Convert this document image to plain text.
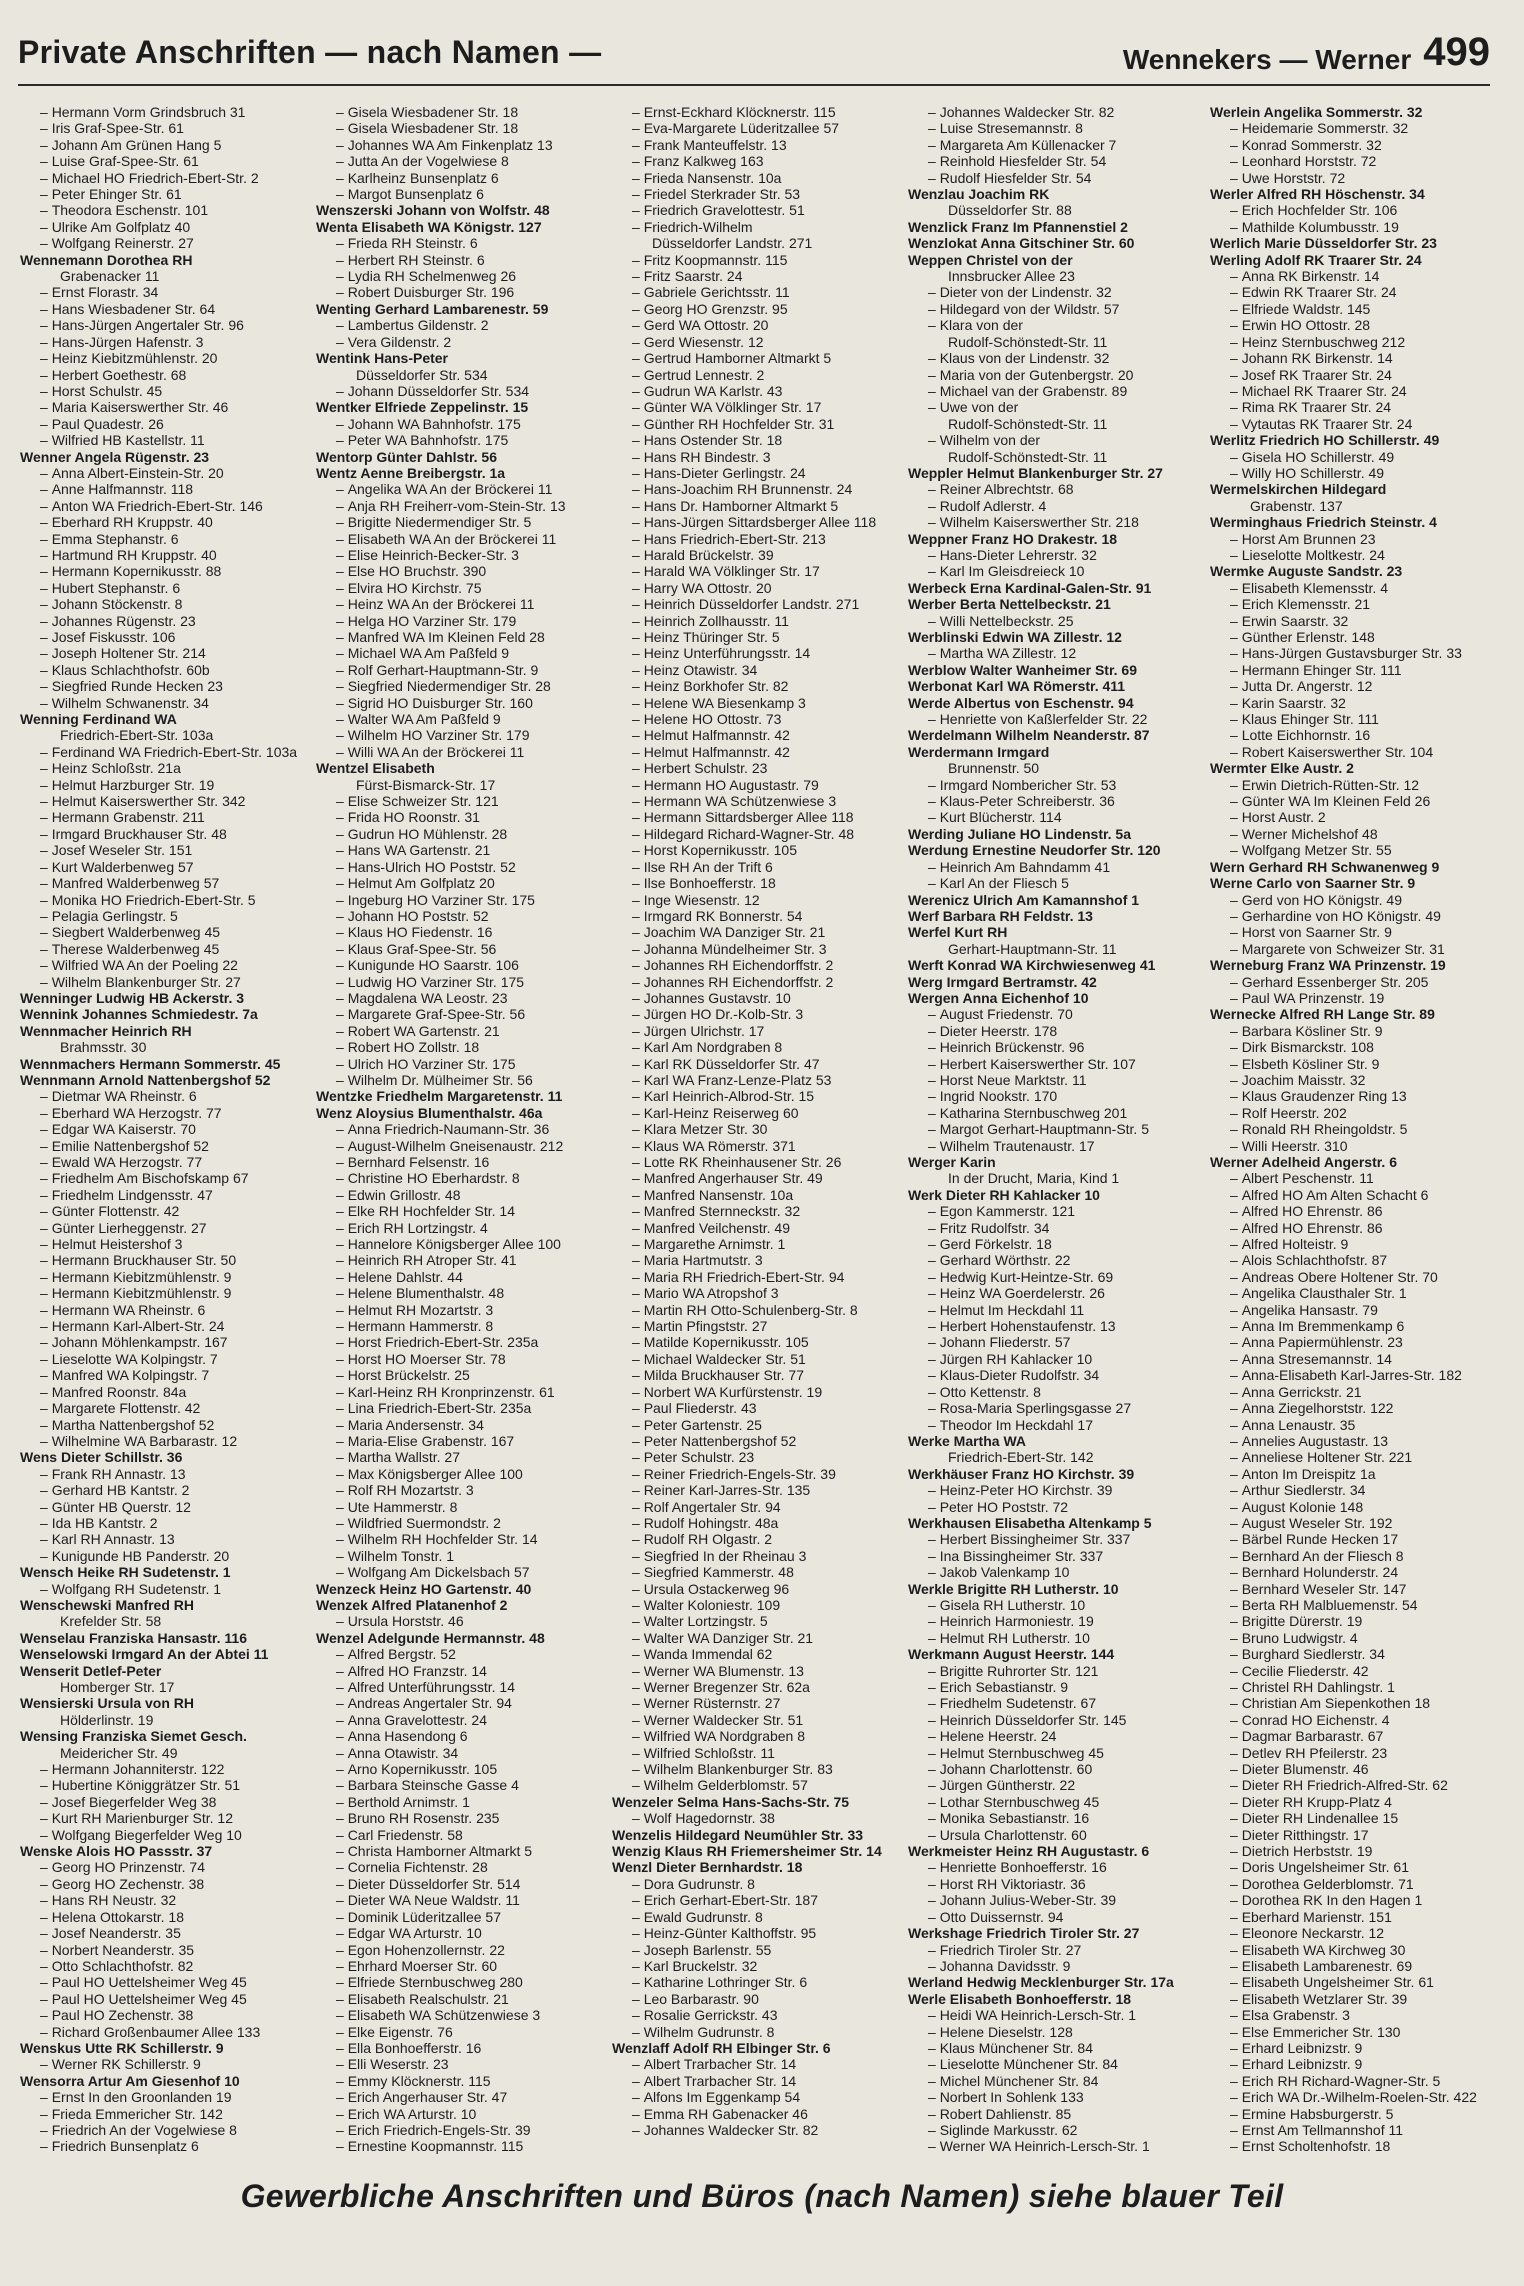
Private Anschriften — nach Namen —	Wennekers — Werner 499
– Hermann Vorm Grindsbruch 31
– Iris Graf-Spee-Str. 61
– Johann Am Grünen Hang 5
– Luise Graf-Spee-Str. 61
– Michael HO Friedrich-Ebert-Str. 2
– Peter Ehinger Str. 61
– Theodora Eschenstr. 101
– Ulrike Am Golfplatz 40
– Wolfgang Reinerstr. 27
Wennemann Dorothea RH
Grabenacker 11
– Ernst Florastr. 34
– Hans Wiesbadener Str. 64
– Hans-Jürgen Angertaler Str. 96
– Hans-Jürgen Hafenstr. 3
– Heinz Kiebitzmühlenstr. 20
– Herbert Goethestr. 68
– Horst Schulstr. 45
– Maria Kaiserswerther Str. 46
– Paul Quadestr. 26
– Wilfried HB Kastellstr. 11
Wenner Angela Rügenstr. 23
– Anna Albert-Einstein-Str. 20
– Anne Halfmannstr. 118
– Anton WA Friedrich-Ebert-Str. 146
– Eberhard RH Kruppstr. 40
– Emma Stephanstr. 6
– Hartmund RH Kruppstr. 40
– Hermann Kopernikusstr. 88
– Hubert Stephanstr. 6
– Johann Stöckenstr. 8
– Johannes Rügenstr. 23
– Josef Fiskusstr. 106
– Joseph Holtener Str. 214
– Klaus Schlachthofstr. 60b
– Siegfried Runde Hecken 23
– Wilhelm Schwanenstr. 34
Wenning Ferdinand WA
Friedrich-Ebert-Str. 103a
– Ferdinand WA Friedrich-Ebert-Str. 103a
– Heinz Schloßstr. 21a
– Helmut Harzburger Str. 19
– Helmut Kaiserswerther Str. 342
– Hermann Grabenstr. 211
– Irmgard Bruckhauser Str. 48
– Josef Weseler Str. 151
– Kurt Walderbenweg 57
– Manfred Walderbenweg 57
– Monika HO Friedrich-Ebert-Str. 5
– Pelagia Gerlingstr. 5
– Siegbert Walderbenweg 45
– Therese Walderbenweg 45
– Wilfried WA An der Poeling 22
– Wilhelm Blankenburger Str. 27
Wenninger Ludwig HB Ackerstr. 3
Wennink Johannes Schmiedestr. 7a
Wennmacher Heinrich RH
Brahmsstr. 30
Wennmachers Hermann Sommerstr. 45
Wennmann Arnold Nattenbergshof 52
– Dietmar WA Rheinstr. 6
– Eberhard WA Herzogstr. 77
– Edgar WA Kaiserstr. 70
– Emilie Nattenbergshof 52
– Ewald WA Herzogstr. 77
– Friedhelm Am Bischofskamp 67
– Friedhelm Lindgensstr. 47
– Günter Flottenstr. 42
– Günter Lierheggenstr. 27
– Helmut Heistershof 3
– Hermann Bruckhauser Str. 50
– Hermann Kiebitzmühlenstr. 9
– Hermann Kiebitzmühlenstr. 9
– Hermann WA Rheinstr. 6
– Hermann Karl-Albert-Str. 24
– Johann Möhlenkampstr. 167
– Lieselotte WA Kolpingstr. 7
– Manfred WA Kolpingstr. 7
– Manfred Roonstr. 84a
– Margarete Flottenstr. 42
– Martha Nattenbergshof 52
– Wilhelmine WA Barbarastr. 12
Wens Dieter Schillstr. 36
– Frank RH Annastr. 13
– Gerhard HB Kantstr. 2
– Günter HB Querstr. 12
– Ida HB Kantstr. 2
– Karl RH Annastr. 13
– Kunigunde HB Panderstr. 20
Wensch Heike RH Sudetenstr. 1
– Wolfgang RH Sudetenstr. 1
Wenschewski Manfred RH
Krefelder Str. 58
Wenselau Franziska Hansastr. 116
Wenselowski Irmgard An der Abtei 11
Wenserit Detlef-Peter
Homberger Str. 17
Wensierski Ursula von RH
Hölderlinstr. 19
Wensing Franziska Siemet Gesch.
Meidericher Str. 49
– Hermann Johanniterstr. 122
– Hubertine Königgrätzer Str. 51
– Josef Biegerfelder Weg 38
– Kurt RH Marienburger Str. 12
– Wolfgang Biegerfelder Weg 10
Wenske Alois HO Passstr. 37
– Georg HO Prinzenstr. 74
– Georg HO Zechenstr. 38
– Hans RH Neustr. 32
– Helena Ottokarstr. 18
– Josef Neanderstr. 35
– Norbert Neanderstr. 35
– Otto Schlachthofstr. 82
– Paul HO Uettelsheimer Weg 45
– Paul HO Uettelsheimer Weg 45
– Paul HO Zechenstr. 38
– Richard Großenbaumer Allee 133
Wenskus Utte RK Schillerstr. 9
– Werner RK Schillerstr. 9
Wensorra Artur Am Giesenhof 10
– Ernst In den Groonlanden 19
– Frieda Emmericher Str. 142
– Friedrich An der Vogelwiese 8
– Friedrich Bunsenplatz 6
– Gisela Wiesbadener Str. 18
– Gisela Wiesbadener Str. 18
– Johannes WA Am Finkenplatz 13
– Jutta An der Vogelwiese 8
– Karlheinz Bunsenplatz 6
– Margot Bunsenplatz 6
Wenszerski Johann von Wolfstr. 48
Wenta Elisabeth WA Königstr. 127
– Frieda RH Steinstr. 6
– Herbert RH Steinstr. 6
– Lydia RH Schelmenweg 26
– Robert Duisburger Str. 196
Wenting Gerhard Lambarenestr. 59
– Lambertus Gildenstr. 2
– Vera Gildenstr. 2
Wentink Hans-Peter
Düsseldorfer Str. 534
– Johann Düsseldorfer Str. 534
Wentker Elfriede Zeppelinstr. 15
– Johann WA Bahnhofstr. 175
– Peter WA Bahnhofstr. 175
Wentorp Günter Dahlstr. 56
Wentz Aenne Breibergstr. 1a
– Angelika WA An der Bröckerei 11
– Anja RH Freiherr-vom-Stein-Str. 13
– Brigitte Niedermendiger Str. 5
– Elisabeth WA An der Bröckerei 11
– Elise Heinrich-Becker-Str. 3
– Else HO Bruchstr. 390
– Elvira HO Kirchstr. 75
– Heinz WA An der Bröckerei 11
– Helga HO Varziner Str. 179
– Manfred WA Im Kleinen Feld 28
– Michael WA Am Paßfeld 9
– Rolf Gerhart-Hauptmann-Str. 9
– Siegfried Niedermendiger Str. 28
– Sigrid HO Duisburger Str. 160
– Walter WA Am Paßfeld 9
– Wilhelm HO Varziner Str. 179
– Willi WA An der Bröckerei 11
Wentzel Elisabeth
Fürst-Bismarck-Str. 17
– Elise Schweizer Str. 121
– Frida HO Roonstr. 31
– Gudrun HO Mühlenstr. 28
– Hans WA Gartenstr. 21
– Hans-Ulrich HO Poststr. 52
– Helmut Am Golfplatz 20
– Ingeburg HO Varziner Str. 175
– Johann HO Poststr. 52
– Klaus HO Fiedenstr. 16
– Klaus Graf-Spee-Str. 56
– Kunigunde HO Saarstr. 106
– Ludwig HO Varziner Str. 175
– Magdalena WA Leostr. 23
– Margarete Graf-Spee-Str. 56
– Robert WA Gartenstr. 21
– Robert HO Zollstr. 18
– Ulrich HO Varziner Str. 175
– Wilhelm Dr. Mülheimer Str. 56
Wentzke Friedhelm Margaretenstr. 11
Wenz Aloysius Blumenthalstr. 46a
– Anna Friedrich-Naumann-Str. 36
– August-Wilhelm Gneisenaustr. 212
– Bernhard Felsenstr. 16
– Christine HO Eberhardstr. 8
– Edwin Grillostr. 48
– Elke RH Hochfelder Str. 14
– Erich RH Lortzingstr. 4
– Hannelore Königsberger Allee 100
– Heinrich RH Atroper Str. 41
– Helene Dahlstr. 44
– Helene Blumenthalstr. 48
– Helmut RH Mozartstr. 3
– Hermann Hammerstr. 8
– Horst Friedrich-Ebert-Str. 235a
– Horst HO Moerser Str. 78
– Horst Brückelstr. 25
– Karl-Heinz RH Kronprinzenstr. 61
– Lina Friedrich-Ebert-Str. 235a
– Maria Andersenstr. 34
– Maria-Elise Grabenstr. 167
– Martha Wallstr. 27
– Max Königsberger Allee 100
– Rolf RH Mozartstr. 3
– Ute Hammerstr. 8
– Wildfried Suermondstr. 2
– Wilhelm RH Hochfelder Str. 14
– Wilhelm Tonstr. 1
– Wolfgang Am Dickelsbach 57
Wenzeck Heinz HO Gartenstr. 40
Wenzek Alfred Platanenhof 2
– Ursula Horststr. 46
Wenzel Adelgunde Hermannstr. 48
– Alfred Bergstr. 52
– Alfred HO Franzstr. 14
– Alfred Unterführungsstr. 14
– Andreas Angertaler Str. 94
– Anna Gravelottestr. 24
– Anna Hasendong 6
– Anna Otawistr. 34
– Arno Kopernikusstr. 105
– Barbara Steinsche Gasse 4
– Berthold Arnimstr. 1
– Bruno RH Rosenstr. 235
– Carl Friedenstr. 58
– Christa Hamborner Altmarkt 5
– Cornelia Fichtenstr. 28
– Dieter Düsseldorfer Str. 514
– Dieter WA Neue Waldstr. 11
– Dominik Lüderitzallee 57
– Edgar WA Arturstr. 10
– Egon Hohenzollernstr. 22
– Ehrhard Moerser Str. 60
– Elfriede Sternbuschweg 280
– Elisabeth Realschulstr. 21
– Elisabeth WA Schützenwiese 3
– Elke Eigenstr. 76
– Ella Bonhoefferstr. 16
– Elli Weserstr. 23
– Emmy Klöcknerstr. 115
– Erich Angerhauser Str. 47
– Erich WA Arturstr. 10
– Erich Friedrich-Engels-Str. 39
– Ernestine Koopmannstr. 115
– Ernst-Eckhard Klöcknerstr. 115
– Eva-Margarete Lüderitzallee 57
– Frank Manteuffelstr. 13
– Franz Kalkweg 163
– Frieda Nansenstr. 10a
– Friedel Sterkrader Str. 53
– Friedrich Gravelottestr. 51
– Friedrich-Wilhelm
Düsseldorfer Landstr. 271
– Fritz Koopmannstr. 115
– Fritz Saarstr. 24
– Gabriele Gerichtsstr. 11
– Georg HO Grenzstr. 95
– Gerd WA Ottostr. 20
– Gerd Wiesenstr. 12
– Gertrud Hamborner Altmarkt 5
– Gertrud Lennestr. 2
– Gudrun WA Karlstr. 43
– Günter WA Völklinger Str. 17
– Günther RH Hochfelder Str. 31
– Hans Ostender Str. 18
– Hans RH Bindestr. 3
– Hans-Dieter Gerlingstr. 24
– Hans-Joachim RH Brunnenstr. 24
– Hans Dr. Hamborner Altmarkt 5
– Hans-Jürgen Sittardsberger Allee 118
– Hans Friedrich-Ebert-Str. 213
– Harald Brückelstr. 39
– Harald WA Völklinger Str. 17
– Harry WA Ottostr. 20
– Heinrich Düsseldorfer Landstr. 271
– Heinrich Zollhausstr. 11
– Heinz Thüringer Str. 5
– Heinz Unterführungsstr. 14
– Heinz Otawistr. 34
– Heinz Borkhofer Str. 82
– Helene WA Biesenkamp 3
– Helene HO Ottostr. 73
– Helmut Halfmannstr. 42
– Helmut Halfmannstr. 42
– Herbert Schulstr. 23
– Hermann HO Augustastr. 79
– Hermann WA Schützenwiese 3
– Hermann Sittardsberger Allee 118
– Hildegard Richard-Wagner-Str. 48
– Horst Kopernikusstr. 105
– Ilse RH An der Trift 6
– Ilse Bonhoefferstr. 18
– Inge Wiesenstr. 12
– Irmgard RK Bonnerstr. 54
– Joachim WA Danziger Str. 21
– Johanna Mündelheimer Str. 3
– Johannes RH Eichendorffstr. 2
– Johannes RH Eichendorffstr. 2
– Johannes Gustavstr. 10
– Jürgen HO Dr.-Kolb-Str. 3
– Jürgen Ulrichstr. 17
– Karl Am Nordgraben 8
– Karl RK Düsseldorfer Str. 47
– Karl WA Franz-Lenze-Platz 53
– Karl Heinrich-Albrod-Str. 15
– Karl-Heinz Reiserweg 60
– Klara Metzer Str. 30
– Klaus WA Römerstr. 371
– Lotte RK Rheinhausener Str. 26
– Manfred Angerhauser Str. 49
– Manfred Nansenstr. 10a
– Manfred Sternneckstr. 32
– Manfred Veilchenstr. 49
– Margarethe Arnimstr. 1
– Maria Hartmutstr. 3
– Maria RH Friedrich-Ebert-Str. 94
– Mario WA Atropshof 3
– Martin RH Otto-Schulenberg-Str. 8
– Martin Pfingststr. 27
– Matilde Kopernikusstr. 105
– Michael Waldecker Str. 51
– Milda Bruckhauser Str. 77
– Norbert WA Kurfürstenstr. 19
– Paul Fliederstr. 43
– Peter Gartenstr. 25
– Peter Nattenbergshof 52
– Peter Schulstr. 23
– Reiner Friedrich-Engels-Str. 39
– Reiner Karl-Jarres-Str. 135
– Rolf Angertaler Str. 94
– Rudolf Hohingstr. 48a
– Rudolf RH Olgastr. 2
– Siegfried In der Rheinau 3
– Siegfried Kammerstr. 48
– Ursula Ostackerweg 96
– Walter Koloniestr. 109
– Walter Lortzingstr. 5
– Walter WA Danziger Str. 21
– Wanda Immendal 62
– Werner WA Blumenstr. 13
– Werner Bregenzer Str. 62a
– Werner Rüsternstr. 27
– Werner Waldecker Str. 51
– Wilfried WA Nordgraben 8
– Wilfried Schloßstr. 11
– Wilhelm Blankenburger Str. 83
– Wilhelm Gelderblomstr. 57
Wenzeler Selma Hans-Sachs-Str. 75
– Wolf Hagedornstr. 38
Wenzelis Hildegard Neumühler Str. 33
Wenzig Klaus RH Friemersheimer Str. 14
Wenzl Dieter Bernhardstr. 18
– Dora Gudrunstr. 8
– Erich Gerhart-Ebert-Str. 187
– Ewald Gudrunstr. 8
– Heinz-Günter Kalthoffstr. 95
– Joseph Barlenstr. 55
– Karl Bruckelstr. 32
– Katharine Lothringer Str. 6
– Leo Barbarastr. 90
– Rosalie Gerrickstr. 43
– Wilhelm Gudrunstr. 8
Wenzlaff Adolf RH Elbinger Str. 6
– Albert Trarbacher Str. 14
– Albert Trarbacher Str. 14
– Alfons Im Eggenkamp 54
– Emma RH Gabenacker 46
– Johannes Waldecker Str. 82
– Johannes Waldecker Str. 82
– Luise Stresemannstr. 8
– Margareta Am Küllenacker 7
– Reinhold Hiesfelder Str. 54
– Rudolf Hiesfelder Str. 54
Wenzlau Joachim RK
Düsseldorfer Str. 88
Wenzlick Franz Im Pfannenstiel 2
Wenzlokat Anna Gitschiner Str. 60
Weppen Christel von der
Innsbrucker Allee 23
– Dieter von der Lindenstr. 32
– Hildegard von der Wildstr. 57
– Klara von der
Rudolf-Schönstedt-Str. 11
– Klaus von der Lindenstr. 32
– Maria von der Gutenbergstr. 20
– Michael van der Grabenstr. 89
– Uwe von der
Rudolf-Schönstedt-Str. 11
– Wilhelm von der
Rudolf-Schönstedt-Str. 11
Weppler Helmut Blankenburger Str. 27
– Reiner Albrechtstr. 68
– Rudolf Adlerstr. 4
– Wilhelm Kaiserswerther Str. 218
Weppner Franz HO Drakestr. 18
– Hans-Dieter Lehrerstr. 32
– Karl Im Gleisdreieck 10
Werbeck Erna Kardinal-Galen-Str. 91
Werber Berta Nettelbeckstr. 21
– Willi Nettelbeckstr. 25
Werblinski Edwin WA Zillestr. 12
– Martha WA Zillestr. 12
Werblow Walter Wanheimer Str. 69
Werbonat Karl WA Römerstr. 411
Werde Albertus von Eschenstr. 94
– Henriette von Kaßlerfelder Str. 22
Werdelmann Wilhelm Neanderstr. 87
Werdermann Irmgard
Brunnenstr. 50
– Irmgard Nombericher Str. 53
– Klaus-Peter Schreiberstr. 36
– Kurt Blücherstr. 114
Werding Juliane HO Lindenstr. 5a
Werdung Ernestine Neudorfer Str. 120
– Heinrich Am Bahndamm 41
– Karl An der Fliesch 5
Werenicz Ulrich Am Kamannshof 1
Werf Barbara RH Feldstr. 13
Werfel Kurt RH
Gerhart-Hauptmann-Str. 11
Werft Konrad WA Kirchwiesenweg 41
Werg Irmgard Bertramstr. 42
Wergen Anna Eichenhof 10
– August Friedenstr. 70
– Dieter Heerstr. 178
– Heinrich Brückenstr. 96
– Herbert Kaiserswerther Str. 107
– Horst Neue Marktstr. 11
– Ingrid Nookstr. 170
– Katharina Sternbuschweg 201
– Margot Gerhart-Hauptmann-Str. 5
– Wilhelm Trautenaustr. 17
Werger Karin
In der Drucht, Maria, Kind 1
Werk Dieter RH Kahlacker 10
– Egon Kammerstr. 121
– Fritz Rudolfstr. 34
– Gerd Förkelstr. 18
– Gerhard Wörthstr. 22
– Hedwig Kurt-Heintze-Str. 69
– Heinz WA Goerdelerstr. 26
– Helmut Im Heckdahl 11
– Herbert Hohenstaufenstr. 13
– Johann Fliederstr. 57
– Jürgen RH Kahlacker 10
– Klaus-Dieter Rudolfstr. 34
– Otto Kettenstr. 8
– Rosa-Maria Sperlingsgasse 27
– Theodor Im Heckdahl 17
Werke Martha WA
Friedrich-Ebert-Str. 142
Werkhäuser Franz HO Kirchstr. 39
– Heinz-Peter HO Kirchstr. 39
– Peter HO Poststr. 72
Werkhausen Elisabetha Altenkamp 5
– Herbert Bissingheimer Str. 337
– Ina Bissingheimer Str. 337
– Jakob Valenkamp 10
Werkle Brigitte RH Lutherstr. 10
– Gisela RH Lutherstr. 10
– Heinrich Harmoniestr. 19
– Helmut RH Lutherstr. 10
Werkmann August Heerstr. 144
– Brigitte Ruhrorter Str. 121
– Erich Sebastianstr. 9
– Friedhelm Sudetenstr. 67
– Heinrich Düsseldorfer Str. 145
– Helene Heerstr. 24
– Helmut Sternbuschweg 45
– Johann Charlottenstr. 60
– Jürgen Güntherstr. 22
– Lothar Sternbuschweg 45
– Monika Sebastianstr. 16
– Ursula Charlottenstr. 60
Werkmeister Heinz RH Augustastr. 6
– Henriette Bonhoefferstr. 16
– Horst RH Viktoriastr. 36
– Johann Julius-Weber-Str. 39
– Otto Duissernstr. 94
Werkshage Friedrich Tiroler Str. 27
– Friedrich Tiroler Str. 27
– Johanna Davidsstr. 9
Werland Hedwig Mecklenburger Str. 17a
Werle Elisabeth Bonhoefferstr. 18
– Heidi WA Heinrich-Lersch-Str. 1
– Helene Dieselstr. 128
– Klaus Münchener Str. 84
– Lieselotte Münchener Str. 84
– Michel Münchener Str. 84
– Norbert In Sohlenk 133
– Robert Dahlienstr. 85
– Siglinde Markusstr. 62
– Werner WA Heinrich-Lersch-Str. 1
Werlein Angelika Sommerstr. 32
– Heidemarie Sommerstr. 32
– Konrad Sommerstr. 32
– Leonhard Horststr. 72
– Uwe Horststr. 72
Werler Alfred RH Höschenstr. 34
– Erich Hochfelder Str. 106
– Mathilde Kolumbusstr. 19
Werlich Marie Düsseldorfer Str. 23
Werling Adolf RK Traarer Str. 24
– Anna RK Birkenstr. 14
– Edwin RK Traarer Str. 24
– Elfriede Waldstr. 145
– Erwin HO Ottostr. 28
– Heinz Sternbuschweg 212
– Johann RK Birkenstr. 14
– Josef RK Traarer Str. 24
– Michael RK Traarer Str. 24
– Rima RK Traarer Str. 24
– Vytautas RK Traarer Str. 24
Werlitz Friedrich HO Schillerstr. 49
– Gisela HO Schillerstr. 49
– Willy HO Schillerstr. 49
Wermelskirchen Hildegard
Grabenstr. 137
Werminghaus Friedrich Steinstr. 4
– Horst Am Brunnen 23
– Lieselotte Moltkestr. 24
Wermke Auguste Sandstr. 23
– Elisabeth Klemensstr. 4
– Erich Klemensstr. 21
– Erwin Saarstr. 32
– Günther Erlenstr. 148
– Hans-Jürgen Gustavsburger Str. 33
– Hermann Ehinger Str. 111
– Jutta Dr. Angerstr. 12
– Karin Saarstr. 32
– Klaus Ehinger Str. 111
– Lotte Eichhornstr. 16
– Robert Kaiserswerther Str. 104
Wermter Elke Austr. 2
– Erwin Dietrich-Rütten-Str. 12
– Günter WA Im Kleinen Feld 26
– Horst Austr. 2
– Werner Michelshof 48
– Wolfgang Metzer Str. 55
Wern Gerhard RH Schwanenweg 9
Werne Carlo von Saarner Str. 9
– Gerd von HO Königstr. 49
– Gerhardine von HO Königstr. 49
– Horst von Saarner Str. 9
– Margarete von Schweizer Str. 31
Werneburg Franz WA Prinzenstr. 19
– Gerhard Essenberger Str. 205
– Paul WA Prinzenstr. 19
Wernecke Alfred RH Lange Str. 89
– Barbara Kösliner Str. 9
– Dirk Bismarckstr. 108
– Elsbeth Kösliner Str. 9
– Joachim Maisstr. 32
– Klaus Graudenzer Ring 13
– Rolf Heerstr. 202
– Ronald RH Rheingoldstr. 5
– Willi Heerstr. 310
Werner Adelheid Angerstr. 6
– Albert Peschenstr. 11
– Alfred HO Am Alten Schacht 6
– Alfred HO Ehrenstr. 86
– Alfred HO Ehrenstr. 86
– Alfred Holteistr. 9
– Alois Schlachthofstr. 87
– Andreas Obere Holtener Str. 70
– Angelika Clausthaler Str. 1
– Angelika Hansastr. 79
– Anna Im Bremmenkamp 6
– Anna Papiermühlenstr. 23
– Anna Stresemannstr. 14
– Anna-Elisabeth Karl-Jarres-Str. 182
– Anna Gerrickstr. 21
– Anna Ziegelhorststr. 122
– Anna Lenaustr. 35
– Annelies Augustastr. 13
– Anneliese Holtener Str. 221
– Anton Im Dreispitz 1a
– Arthur Siedlerstr. 34
– August Kolonie 148
– August Weseler Str. 192
– Bärbel Runde Hecken 17
– Bernhard An der Fliesch 8
– Bernhard Holunderstr. 24
– Bernhard Weseler Str. 147
– Berta RH Malbluemenstr. 54
– Brigitte Dürerstr. 19
– Bruno Ludwigstr. 4
– Burghard Siedlerstr. 34
– Cecilie Fliederstr. 42
– Christel RH Dahlingstr. 1
– Christian Am Siepenkothen 18
– Conrad HO Eichenstr. 4
– Dagmar Barbarastr. 67
– Detlev RH Pfeilerstr. 23
– Dieter Blumenstr. 46
– Dieter RH Friedrich-Alfred-Str. 62
– Dieter RH Krupp-Platz 4
– Dieter RH Lindenallee 15
– Dieter Ritthingstr. 17
– Dietrich Herbststr. 19
– Doris Ungelsheimer Str. 61
– Dorothea Gelderblomstr. 71
– Dorothea RK In den Hagen 1
– Eberhard Marienstr. 151
– Eleonore Neckarstr. 12
– Elisabeth WA Kirchweg 30
– Elisabeth Lambarenestr. 69
– Elisabeth Ungelsheimer Str. 61
– Elisabeth Wetzlarer Str. 39
– Elsa Grabenstr. 3
– Else Emmericher Str. 130
– Erhard Leibnizstr. 9
– Erhard Leibnizstr. 9
– Erich RH Richard-Wagner-Str. 5
– Erich WA Dr.-Wilhelm-Roelen-Str. 422
– Ermine Habsburgerstr. 5
– Ernst Am Tellmannshof 11
– Ernst Scholtenhofstr. 18
Gewerbliche Anschriften und Büros (nach Namen) siehe blauer Teil
